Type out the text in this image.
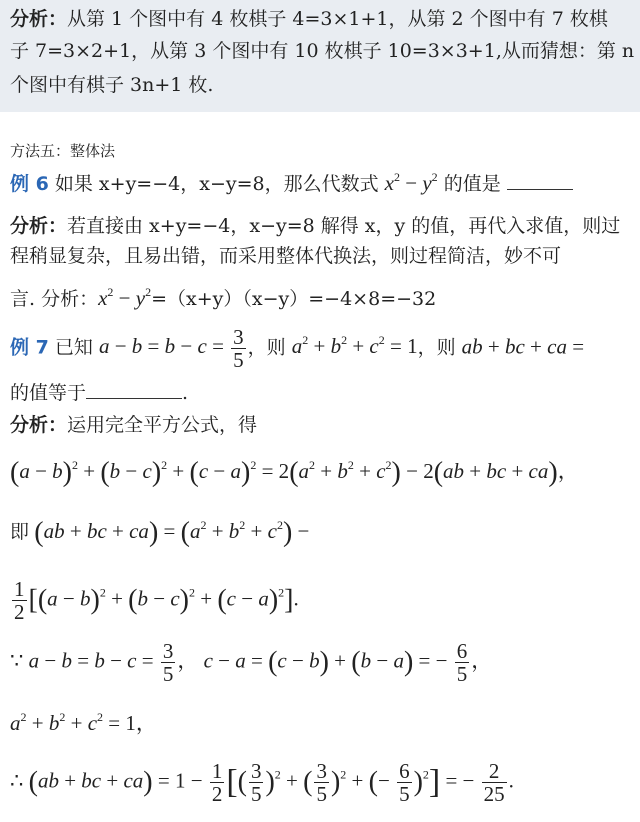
分析：从第 1 个图中有 4 枚棋子 4=3×1+1，从第 2 个图中有 7 枚棋
子 7=3×2+1，从第 3 个图中有 10 枚棋子 10=3×3+1,从而猜想：第 n
个图中有棋子 3n+1 枚.
方法五：整体法
例 6 如果 x+y=−4，x−y=8，那么代数式 $x^2 - y^2$ 的值是
分析：若直接由 x+y=−4，x−y=8 解得 x，y 的值，再代入求值，则过
程稍显复杂，且易出错，而采用整体代换法，则过程简洁，妙不可
言. 分析：$x^2 - y^2=(x+y)(x-y)=-4\times 8=-32$
例 7 已知 $a - b = b - c = \frac{3}{5}$ ，则 $a^2 + b^2 + c^2 = 1$，则 ab + bc + ca =
的值等于	.
分析：运用完全平方公式，得
$(a - b)^2 + (b - c)^2 + (c - a)^2 = 2(a^2 + b^2 + c^2) - 2(ab$ + bc + ca)，
即 (ab + bc + $ca) = (a^2 + b^2 + c^2)$ −
$\frac{1}{2} [(a - b)^2 + (b - c)^2 + (c - a)^2]$.
∵ $a - b = b - c = \frac{3}{5}$ ， c − a = (c − b) + (b − a) = − $\frac{6}{5}$ ，
$a^2 + b^2 + c^2 = 1$，
∴ (ab + bc + $ca) = 1 - \frac{1}{2}$ [( $\frac{3}{5} )^2$ + ( $\frac{3}{5} )^2$ + (− $\frac{6}{5} )^2$] = − $\frac{2}{25}$ .
